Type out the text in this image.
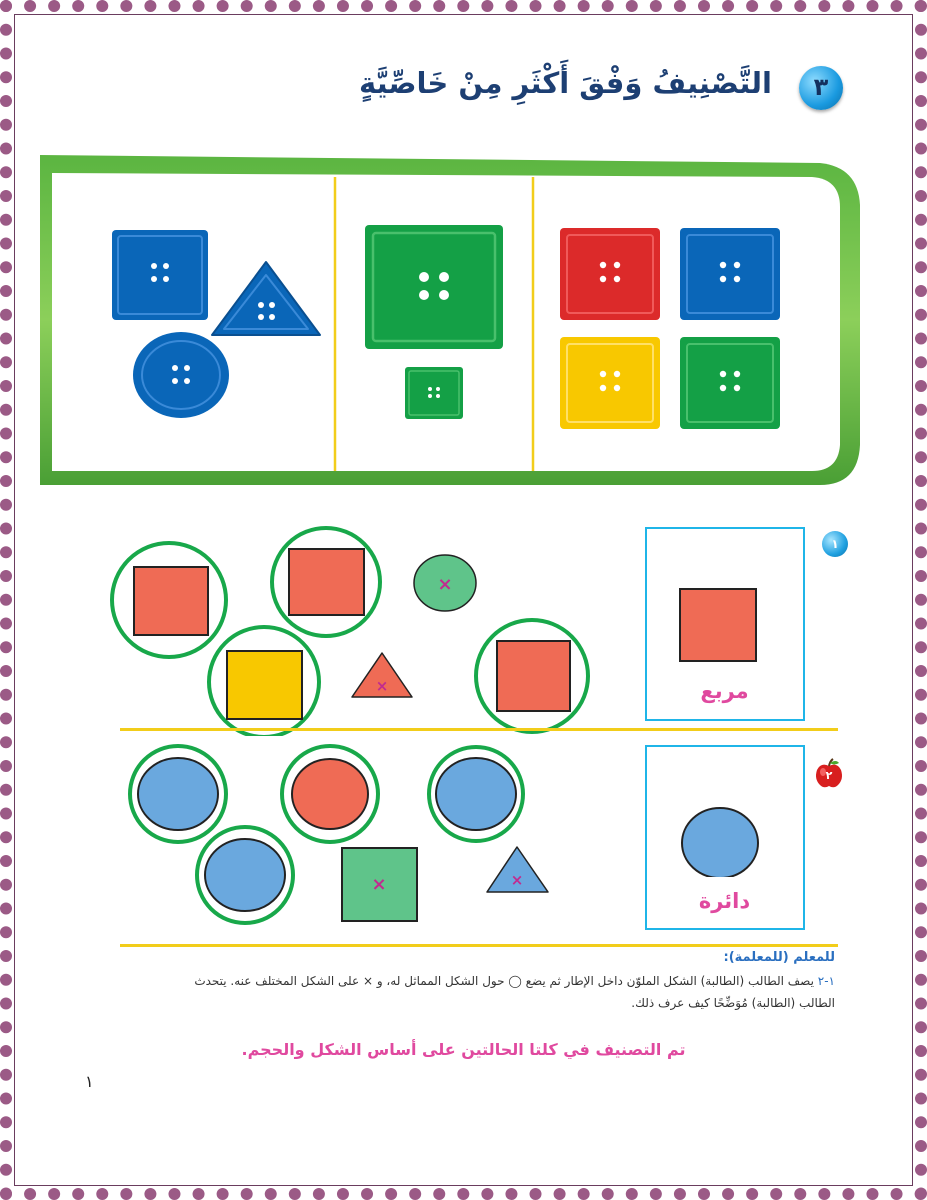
التَّصْنِيفُ وَفْقَ أَكْثَرِ مِنْ خَاصِّيَّةٍ	٣
١
مربع
×
×
٢
دائرة
×	×
للمعلم (للمعلمة):
١-٢ يصف الطالب (الطالبة) الشكل الملوّن داخل الإطار ثم يضع ◯ حول الشكل المماثل له، و × على الشكل المختلف عنه. يتحدث
الطالب (الطالبة) مُوَضِّحًا كيف عرف ذلك.
تم التصنيف في كلتا الحالتين على أساس الشكل والحجم.
١
